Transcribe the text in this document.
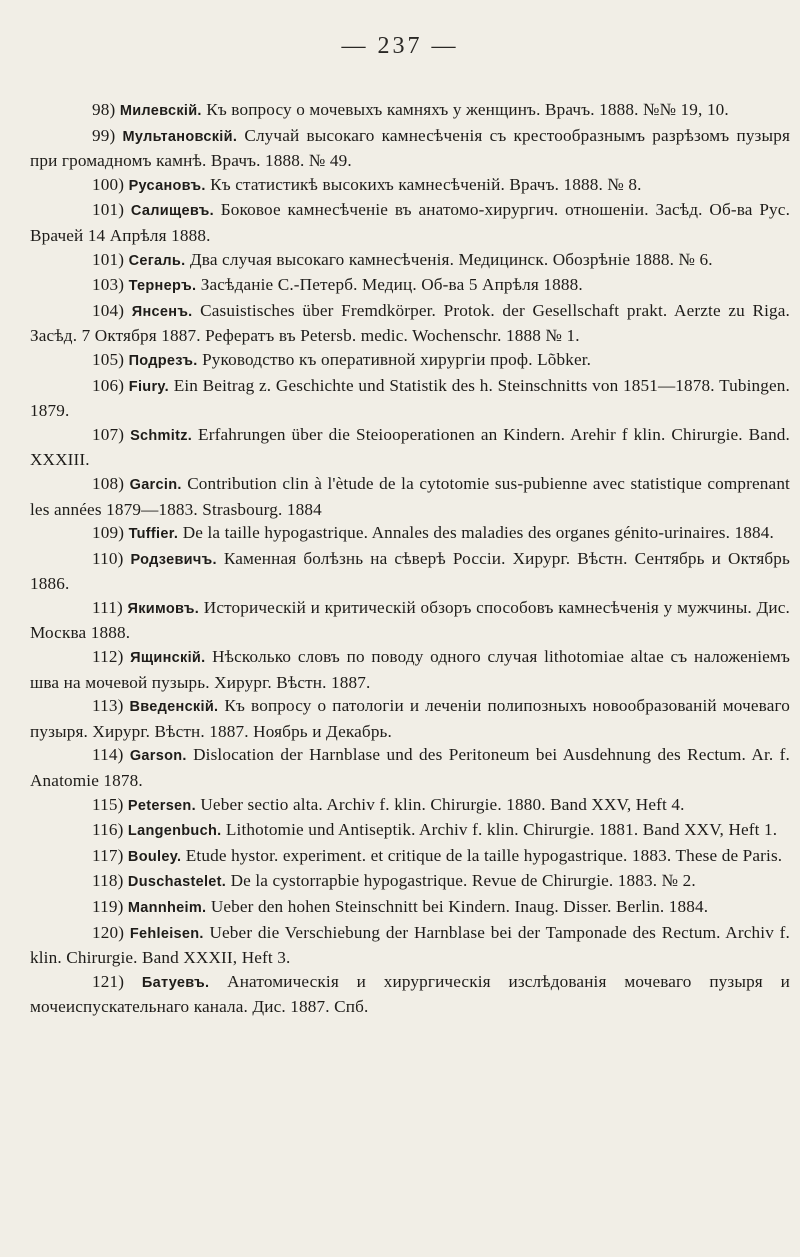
— 237 —

98) Милевскій. Къ вопросу о мочевыхъ камняхъ у женщинъ. Врачъ. 1888. №№ 19, 10.

99) Мультановскій. Случай высокаго камнесѣченія съ крестообразнымъ разрѣзомъ пузыря при громадномъ камнѣ. Врачъ. 1888. № 49.

100) Русановъ. Къ статистикѣ высокихъ камнесѣченій. Врачъ. 1888. № 8.

101) Салищевъ. Боковое камнесѣченіе въ анатомо-хирургич. отношеніи. Засѣд. Об-ва Рус. Врачей 14 Апрѣля 1888.

101) Сегаль. Два случая высокаго камнесѣченія. Медицинск. Обозрѣніе 1888. № 6.

103) Тернеръ. Засѣданіе С.-Петерб. Медиц. Об-ва 5 Апрѣля 1888.

104) Янсенъ. Casuistisches über Fremdkörper. Protok. der Gesellschaft prakt. Aerzte zu Riga. Засѣд. 7 Октября 1887. Рефератъ въ Petersb. medic. Wochenschr. 1888 № 1.

105) Подрезъ. Руководство къ оперативной хирургіи проф. Lõbker.

106) Fiury. Ein Beitrag z. Geschichte und Statistik des h. Steinschnitts von 1851—1878. Tubingen. 1879.

107) Schmitz. Erfahrungen über die Steiooperationen an Kindern. Arehir f klin. Chirurgie. Band. XXXIII.

108) Garcin. Contribution clin à l'ètude de la cytotomie sus-pubienne avec statistique comprenant les années 1879—1883. Strasbourg. 1884

109) Tuffier. De la taille hypogastrique. Annales des maladies des organes génito-urinaires. 1884.

110) Родзевичъ. Каменная болѣзнь на сѣверѣ Россіи. Хирург. Вѣстн. Сентябрь и Октябрь 1886.

111) Якимовъ. Историческій и критическій обзоръ способовъ камнесѣченія у мужчины. Дис. Москва 1888.

112) Ящинскій. Нѣсколько словъ по поводу одного случая lithotomiae altae съ наложеніемъ шва на мочевой пузырь. Хирург. Вѣстн. 1887.

113) Введенскій. Къ вопросу о патологіи и леченіи полипозныхъ новообразованій мочеваго пузыря. Хирург. Вѣстн. 1887. Ноябрь и Декабрь.

114) Garson. Dislocation der Harnblase und des Peritoneum bei Ausdehnung des Rectum. Ar. f. Anatomie 1878.

115) Petersen. Ueber sectio alta. Archiv f. klin. Chirurgie. 1880. Band XXV, Heft 4.

116) Langenbuch. Lithotomie und Antiseptik. Archiv f. klin. Chirurgie. 1881. Band XXV, Heft 1.

117) Bouley. Etude hystor. experiment. et critique de la taille hypogastrique. 1883. These de Paris.

118) Duschastelet. De la cystorrapbie hypogastrique. Revue de Chirurgie. 1883. № 2.

119) Mannheim. Ueber den hohen Steinschnitt bei Kindern. Inaug. Disser. Berlin. 1884.

120) Fehleisen. Ueber die Verschiebung der Harnblase bei der Tamponade des Rectum. Archiv f. klin. Chirurgie. Band XXXII, Heft 3.

121) Батуевъ. Анатомическія и хирургическія изслѣдованія мочеваго пузыря и мочеиспускательнаго канала. Дис. 1887. Спб.
